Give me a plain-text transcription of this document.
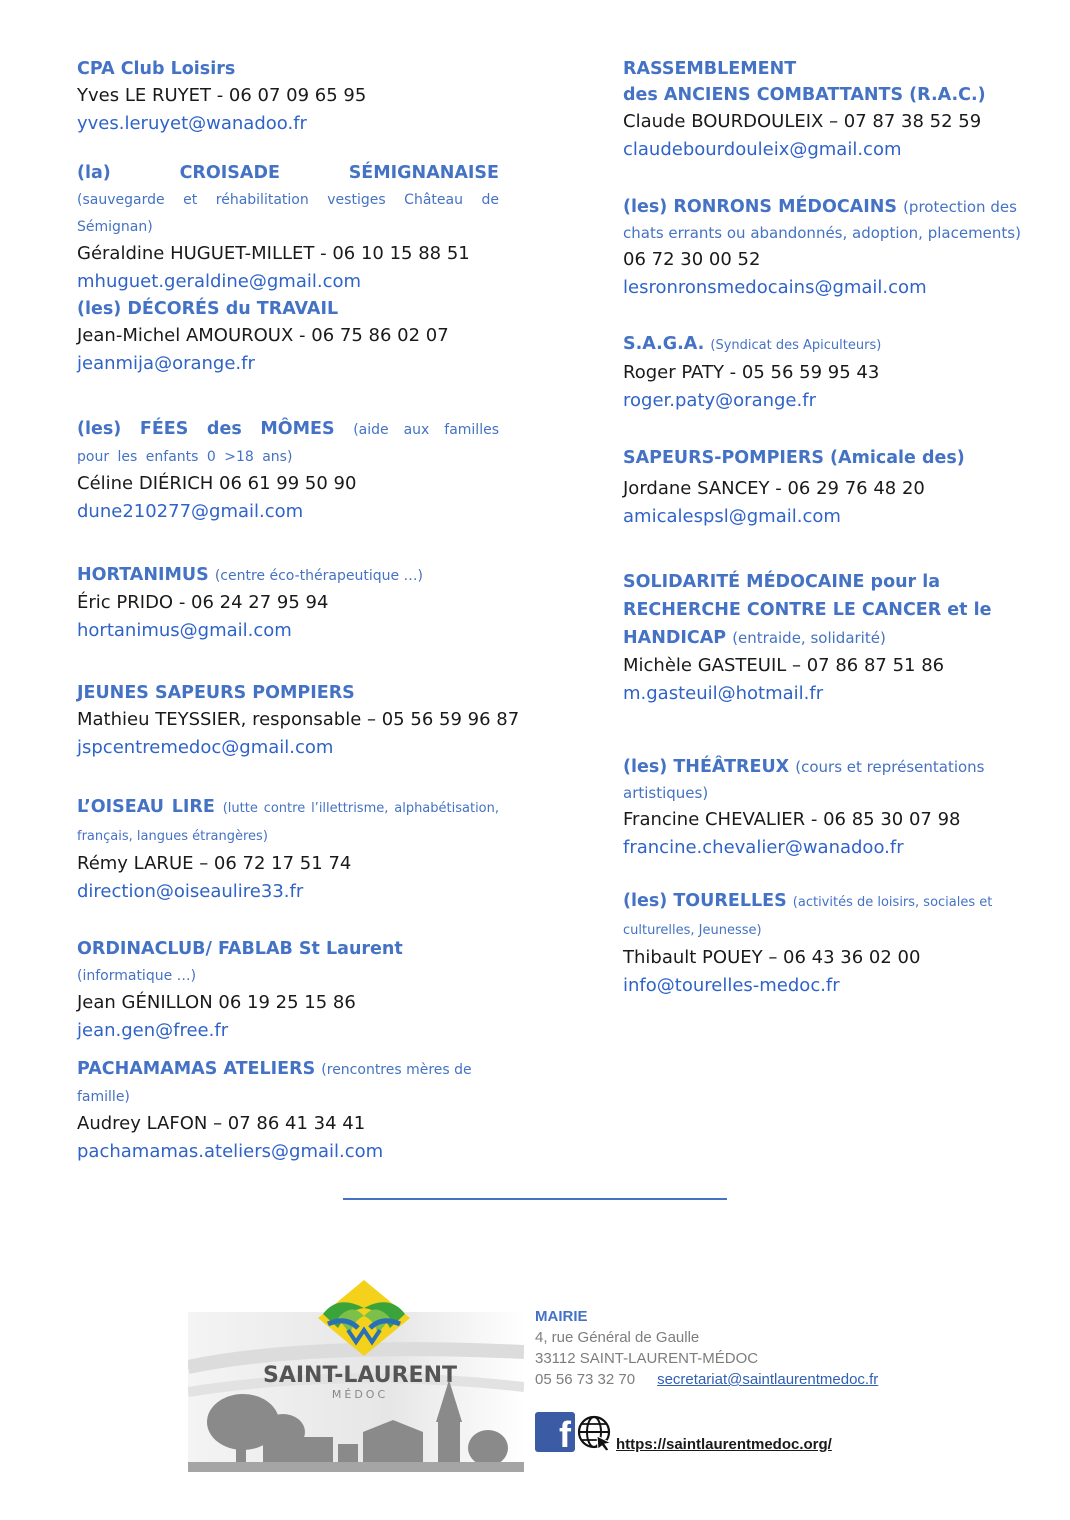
CPA Club Loisirs
Yves LE RUYET - 06 07 09 65 95
yves.leruyet@wanadoo.fr
(la) CROISADE SÉMIGNANAISE (sauvegarde et réhabilitation vestiges Château de Sémignan)
Géraldine HUGUET-MILLET - 06 10 15 88 51
mhuguet.geraldine@gmail.com
(les) DÉCORÉS du TRAVAIL
Jean-Michel AMOUROUX - 06 75 86 02 07
jeanmija@orange.fr
(les) FÉES des MÔMES (aide aux familles pour les enfants 0 >18 ans)
Céline DIÉRICH 06 61 99 50 90
dune210277@gmail.com
HORTANIMUS (centre éco-thérapeutique …)
Éric PRIDO - 06 24 27 95 94
hortanimus@gmail.com
JEUNES SAPEURS POMPIERS
Mathieu TEYSSIER, responsable – 05 56 59 96 87
jspcentremedoc@gmail.com
L’OISEAU LIRE (lutte contre l’illettrisme, alphabétisation, français, langues étrangères)
Rémy LARUE – 06 72 17 51 74
direction@oiseaulire33.fr
ORDINACLUB/ FABLAB St Laurent (informatique …)
Jean GÉNILLON 06 19 25 15 86
jean.gen@free.fr
PACHAMAMAS ATELIERS (rencontres mères de famille)
Audrey LAFON – 07 86 41 34 41
pachamamas.ateliers@gmail.com
RASSEMBLEMENT
des ANCIENS COMBATTANTS (R.A.C.)
Claude BOURDOULEIX – 07 87 38 52 59
claudebourdouleix@gmail.com
(les) RONRONS MÉDOCAINS (protection des chats errants ou abandonnés, adoption, placements)
06 72 30 00 52
lesronronsmedocains@gmail.com
S.A.G.A. (Syndicat des Apiculteurs)
Roger PATY - 05 56 59 95 43
roger.paty@orange.fr
SAPEURS-POMPIERS (Amicale des)
Jordane SANCEY - 06 29 76 48 20
amicalespsl@gmail.com
SOLIDARITÉ MÉDOCAINE pour la RECHERCHE CONTRE LE CANCER et le HANDICAP (entraide, solidarité)
Michèle GASTEUIL – 07 86 87 51 86
m.gasteuil@hotmail.fr
(les) THÉÂTREUX (cours et représentations artistiques)
Francine CHEVALIER - 06 85 30 07 98
francine.chevalier@wanadoo.fr
(les) TOURELLES (activités de loisirs, sociales et culturelles, Jeunesse)
Thibault POUEY – 06 43 36 02 00
info@tourelles-medoc.fr
SAINT-LAURENT
MÉDOC
MAIRIE
4, rue Général de Gaulle
33112 SAINT-LAURENT-MÉDOC
05 56 73 32 70 secretariat@saintlaurentmedoc.fr
f	https://saintlaurentmedoc.org/
